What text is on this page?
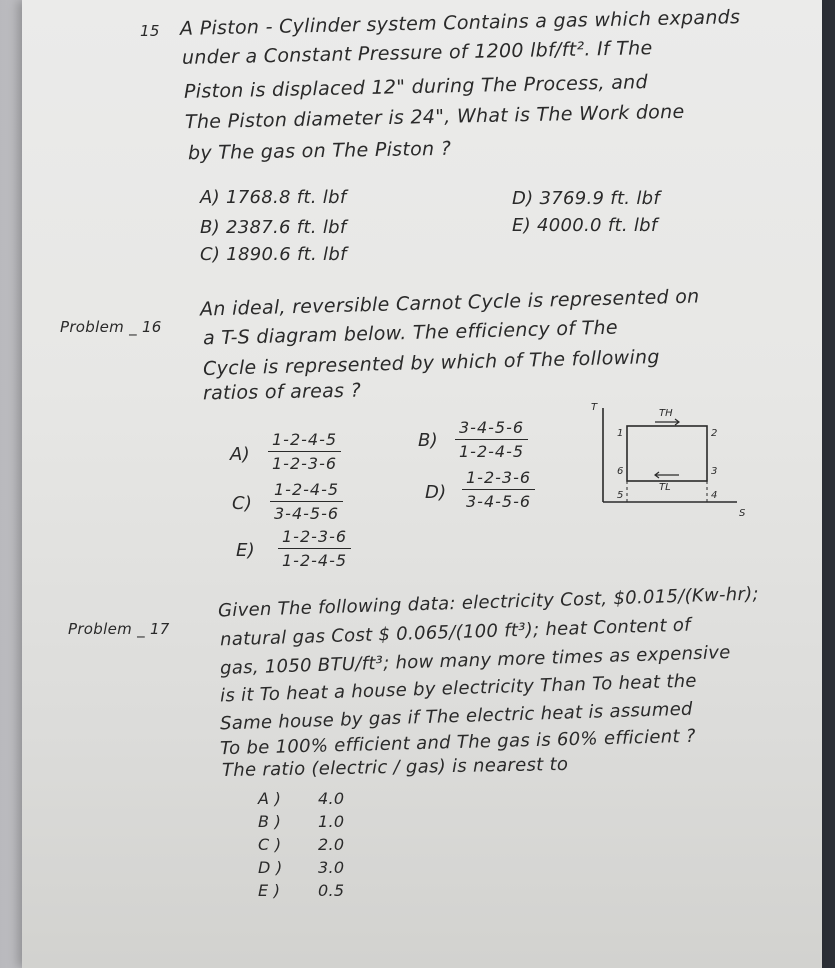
15 A Piston - Cylinder system Contains a gas which expands
under a Constant Pressure of 1200 lbf/ft². If The
Piston is displaced 12" during The Process, and
The Piston diameter is 24", What is The Work done
by The gas on The Piston ?
A) 1768.8 ft. lbf
B) 2387.6 ft. lbf
C) 1890.6 ft. lbf
D) 3769.9 ft. lbf
E) 4000.0 ft. lbf
Problem _ 16
An ideal, reversible Carnot Cycle is represented on
a T-S diagram below. The efficiency of The
Cycle is represented by which of The following
ratios of areas ?
$A) \frac{1-2-4-5}{1-2-3-6}$	$B) \frac{3-4-5-6}{1-2-4-5}$
$C) \frac{1-2-4-5}{3-4-5-6}$	$D) \frac{1-2-3-6}{3-4-5-6}$
$E) \frac{1-2-3-6}{1-2-4-5}$
T
S
TH
TL
1	2
3
4
5
6
Problem _ 17
Given The following data: electricity Cost, $0.015/(Kw-hr);
natural gas Cost $ 0.065/(100 ft³); heat Content of
gas, 1050 BTU/ft³; how many more times as expensive
is it To heat a house by electricity Than To heat the
Same house by gas if The electric heat is assumed
To be 100% efficient and The gas is 60% efficient ?
The ratio (electric / gas) is nearest to
A ) 4.0
B ) 1.0
C ) 2.0
D ) 3.0
E ) 0.5
